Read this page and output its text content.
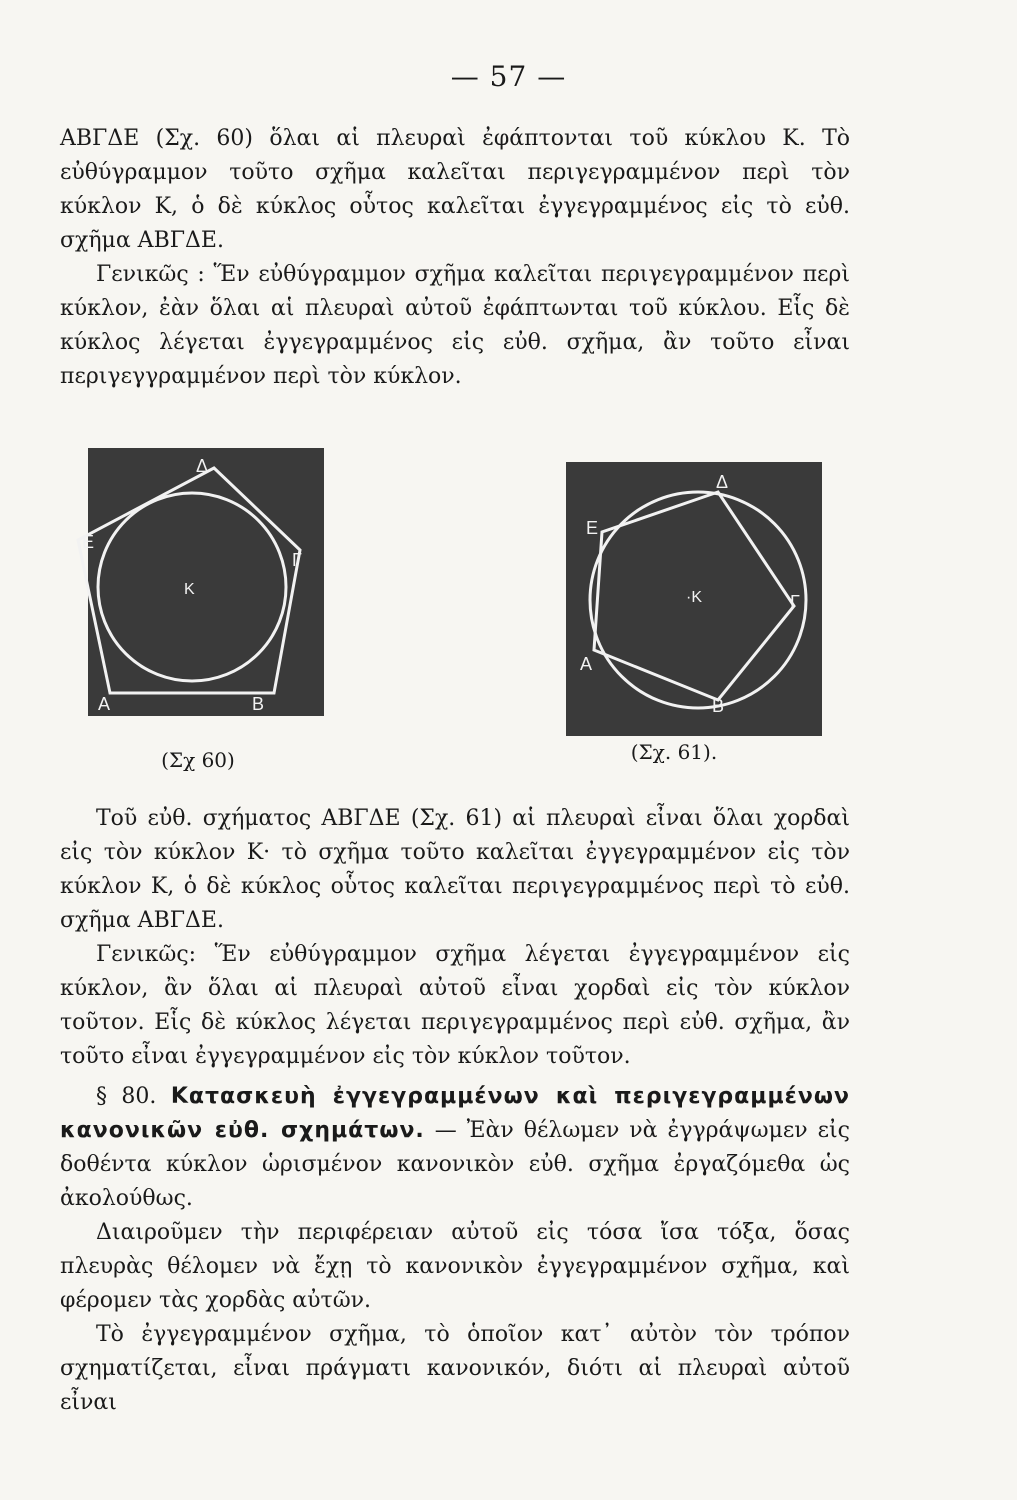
— 57 —

ΑΒΓΔΕ (Σχ. 60) ὅλαι αἱ πλευραὶ ἐφάπτονται τοῦ κύκλου Κ. Τὸ εὐθύγραμμον τοῦτο σχῆμα καλεῖται περιγεγραμμένον περὶ τὸν κύκλον Κ, ὁ δὲ κύκλος οὗτος καλεῖται ἐγγεγραμμένος εἰς τὸ εὐθ. σχῆμα ΑΒΓΔΕ.

Γενικῶς : Ἕν εὐθύγραμμον σχῆμα καλεῖται περιγεγραμμένον περὶ κύκλον, ἐὰν ὅλαι αἱ πλευραὶ αὐτοῦ ἐφάπτωνται τοῦ κύκλου. Εἷς δὲ κύκλος λέγεται ἐγγεγραμμένος εἰς εὐθ. σχῆμα, ἂν τοῦτο εἶναι περιγεγγραμμένον περὶ τὸν κύκλον.

A	B
Γ
Δ
E
K
(Σχ 60)
A
B
Γ
Δ
E
·K
(Σχ. 61).

Τοῦ εὐθ. σχήματος ΑΒΓΔΕ (Σχ. 61) αἱ πλευραὶ εἶναι ὅλαι χορδαὶ εἰς τὸν κύκλον Κ· τὸ σχῆμα τοῦτο καλεῖται ἐγγεγραμμένον εἰς τὸν κύκλον Κ, ὁ δὲ κύκλος οὗτος καλεῖται περιγεγραμμένος περὶ τὸ εὐθ. σχῆμα ΑΒΓΔΕ.

Γενικῶς: Ἕν εὐθύγραμμον σχῆμα λέγεται ἐγγεγραμμένον εἰς κύκλον, ἂν ὅλαι αἱ πλευραὶ αὐτοῦ εἶναι χορδαὶ εἰς τὸν κύκλον τοῦτον. Εἷς δὲ κύκλος λέγεται περιγεγραμμένος περὶ εὐθ. σχῆμα, ἂν τοῦτο εἶναι ἐγγεγραμμένον εἰς τὸν κύκλον τοῦτον.

§ 80. Κατασκευὴ ἐγγεγραμμένων καὶ περιγεγραμμένων κανονικῶν εὐθ. σχημάτων. — Ἐὰν θέλωμεν νὰ ἐγγράψωμεν εἰς δοθέντα κύκλον ὡρισμένον κανονικὸν εὐθ. σχῆμα ἐργαζόμεθα ὡς ἀκολούθως.

Διαιροῦμεν τὴν περιφέρειαν αὐτοῦ εἰς τόσα ἴσα τόξα, ὅσας πλευρὰς θέλομεν νὰ ἔχῃ τὸ κανονικὸν ἐγγεγραμμένον σχῆμα, καὶ φέρομεν τὰς χορδὰς αὐτῶν.

Τὸ ἐγγεγραμμένον σχῆμα, τὸ ὁποῖον κατ᾽ αὐτὸν τὸν τρόπον σχηματίζεται, εἶναι πράγματι κανονικόν, διότι αἱ πλευραὶ αὐτοῦ εἶναι
